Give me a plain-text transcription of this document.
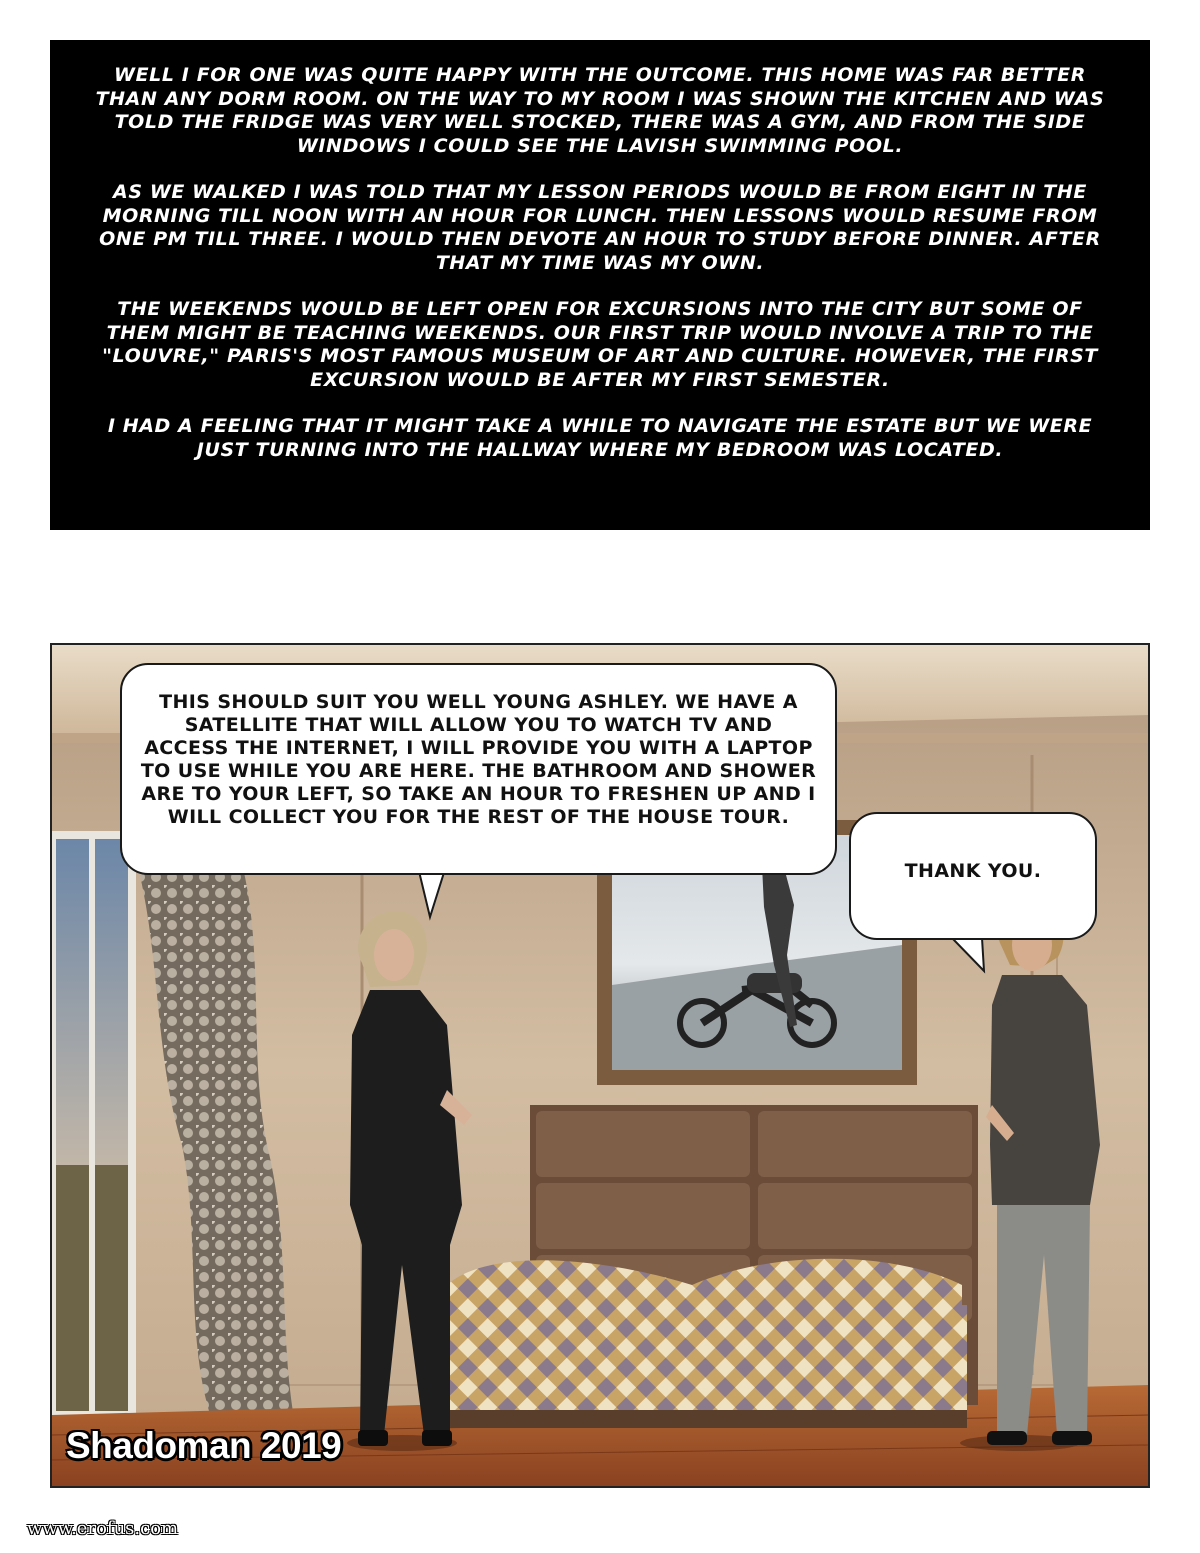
WELL I FOR ONE WAS QUITE HAPPY WITH THE OUTCOME. THIS HOME WAS FAR BETTER THAN ANY DORM ROOM. ON THE WAY TO MY ROOM I WAS SHOWN THE KITCHEN AND WAS TOLD THE FRIDGE WAS VERY WELL STOCKED, THERE WAS A GYM, AND FROM THE SIDE WINDOWS I COULD SEE THE LAVISH SWIMMING POOL.

AS WE WALKED I WAS TOLD THAT MY LESSON PERIODS WOULD BE FROM EIGHT IN THE MORNING TILL NOON WITH AN HOUR FOR LUNCH. THEN LESSONS WOULD RESUME FROM ONE PM TILL THREE. I WOULD THEN DEVOTE AN HOUR TO STUDY BEFORE DINNER. AFTER THAT MY TIME WAS MY OWN.

THE WEEKENDS WOULD BE LEFT OPEN FOR EXCURSIONS INTO THE CITY BUT SOME OF THEM MIGHT BE TEACHING WEEKENDS. OUR FIRST TRIP WOULD INVOLVE A TRIP TO THE "LOUVRE," PARIS'S MOST FAMOUS MUSEUM OF ART AND CULTURE. HOWEVER, THE FIRST EXCURSION WOULD BE AFTER MY FIRST SEMESTER.

I HAD A FEELING THAT IT MIGHT TAKE A WHILE TO NAVIGATE THE ESTATE BUT WE WERE JUST TURNING INTO THE HALLWAY WHERE MY BEDROOM WAS LOCATED.

THIS SHOULD SUIT YOU WELL YOUNG ASHLEY. WE HAVE A SATELLITE THAT WILL ALLOW YOU TO WATCH TV AND ACCESS THE INTERNET, I WILL PROVIDE YOU WITH A LAPTOP TO USE WHILE YOU ARE HERE. THE BATHROOM AND SHOWER ARE TO YOUR LEFT, SO TAKE AN HOUR TO FRESHEN UP AND I WILL COLLECT YOU FOR THE REST OF THE HOUSE TOUR.
THANK YOU.
Shadoman 2019
www.erofus.com
